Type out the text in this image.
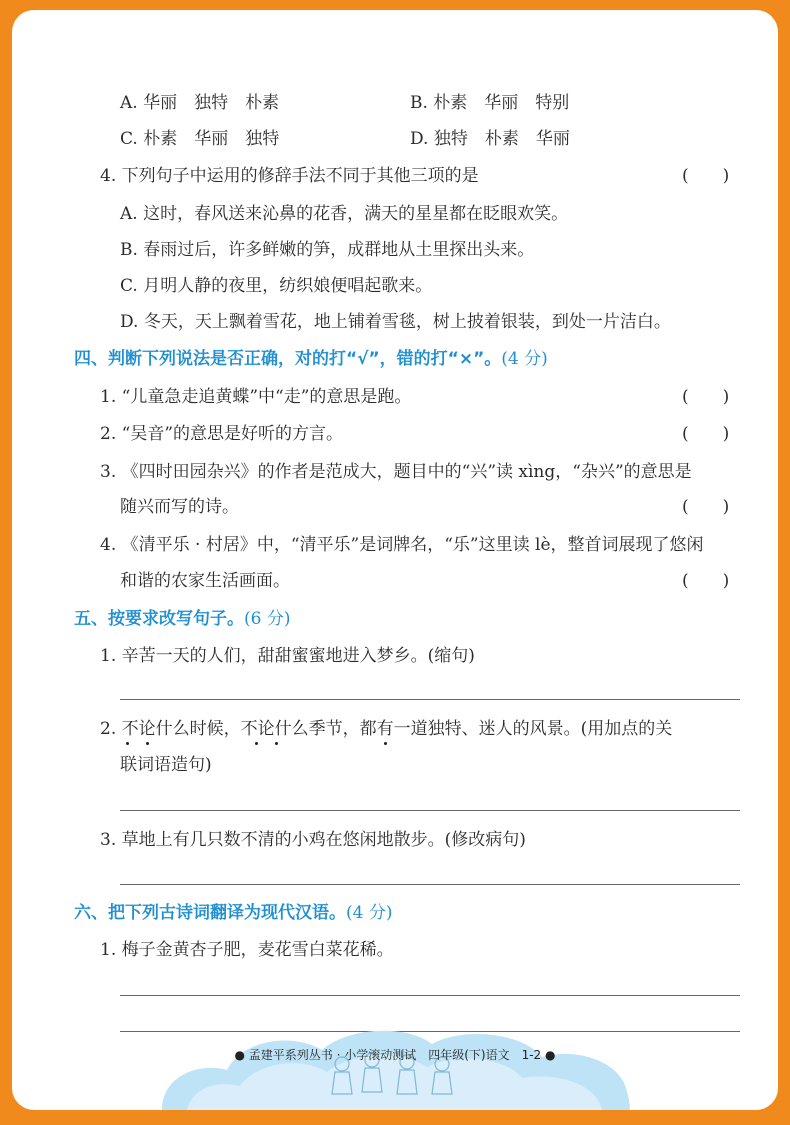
A. 华丽　独特　朴素	B. 朴素　华丽　特别
C. 朴素　华丽　独特	D. 独特　朴素　华丽
4. 下列句子中运用的修辞手法不同于其他三项的是	(　　)
A. 这时，春风送来沁鼻的花香，满天的星星都在眨眼欢笑。
B. 春雨过后，许多鲜嫩的笋，成群地从土里探出头来。
C. 月明人静的夜里，纺织娘便唱起歌来。
D. 冬天，天上飘着雪花，地上铺着雪毯，树上披着银装，到处一片洁白。
四、判断下列说法是否正确，对的打“√”，错的打“×”。(4 分)
1. “儿童急走追黄蝶”中“走”的意思是跑。	(　　)
2. “吴音”的意思是好听的方言。	(　　)
3. 《四时田园杂兴》的作者是范成大，题目中的“兴”读 xìng，“杂兴”的意思是
随兴而写的诗。	(　　)
4. 《清平乐 · 村居》中，“清平乐”是词牌名，“乐”这里读 lè，整首词展现了悠闲
和谐的农家生活画面。	(　　)
五、按要求改写句子。(6 分)
1. 辛苦一天的人们，甜甜蜜蜜地进入梦乡。(缩句)
2. 不论什么时候，不论什么季节，都有一道独特、迷人的风景。(用加点的关
联词语造句)
3. 草地上有几只数不清的小鸡在悠闲地散步。(修改病句)
六、把下列古诗词翻译为现代汉语。(4 分)
1. 梅子金黄杏子肥，麦花雪白菜花稀。
● 孟建平系列丛书 · 小学滚动测试　四年级(下)语文　1-2 ●
